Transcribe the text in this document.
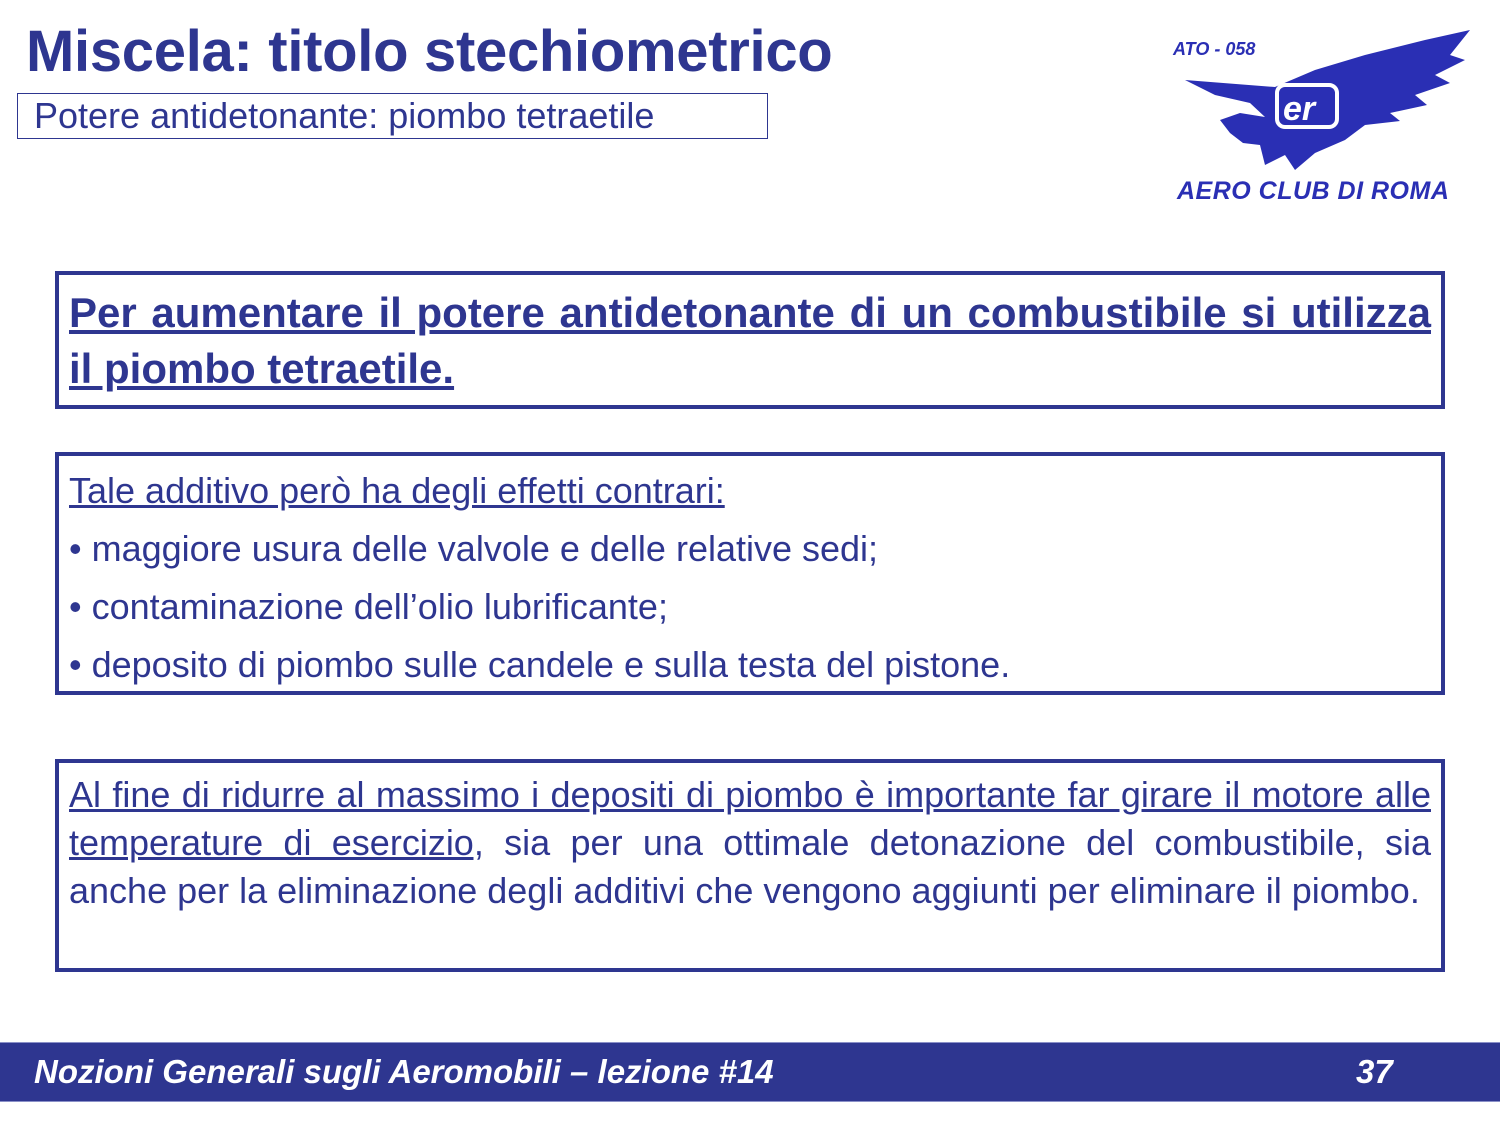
Miscela: titolo stechiometrico
Potere antidetonante: piombo tetraetile
ATO - 058
er
AERO CLUB DI ROMA

Per aumentare il potere antidetonante di un combustibile si utilizza il piombo tetraetile.

Tale additivo però ha degli effetti contrari:
• maggiore usura delle valvole e delle relative sedi;
• contaminazione dell’olio lubrificante;
• deposito di piombo sulle candele e sulla testa del pistone.

Al fine di ridurre al massimo i depositi di piombo è importante far girare il motore alle temperature di esercizio, sia per una ottimale detonazione del combustibile, sia anche per la eliminazione degli additivi che vengono aggiunti per eliminare il piombo.

Nozioni Generali sugli Aeromobili – lezione #14	37
